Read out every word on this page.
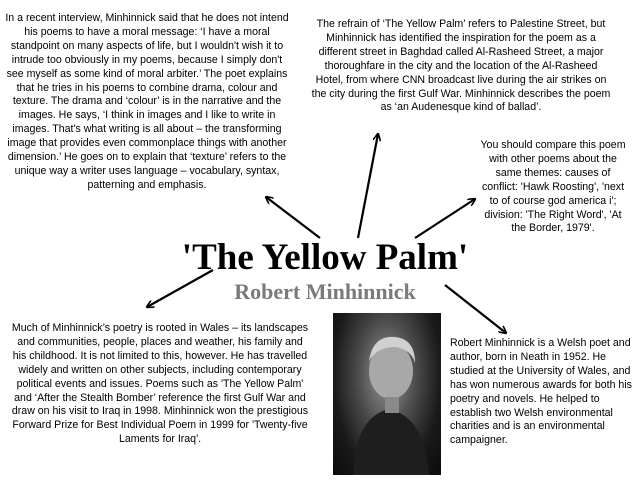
In a recent interview, Minhinnick said that he does not intend his poems to have a moral message: ‘I have a moral standpoint on many aspects of life, but I wouldn't wish it to intrude too obviously in my poems, because I simply don't see myself as some kind of moral arbiter.’ The poet explains that he tries in his poems to combine drama, colour and texture. The drama and ‘colour’ is in the narrative and the images. He says, ‘I think in images and I like to write in images. That's what writing is all about – the transforming image that provides even commonplace things with another dimension.’ He goes on to explain that ‘texture’ refers to the unique way a writer uses language – vocabulary, syntax, patterning and emphasis.

The refrain of ‘The Yellow Palm’ refers to Palestine Street, but Minhinnick has identified the inspiration for the poem as a different street in Baghdad called Al-Rasheed Street, a major thoroughfare in the city and the location of the Al-Rasheed Hotel, from where CNN broadcast live during the air strikes on the city during the first Gulf War. Minhinnick describes the poem as ‘an Audenesque kind of ballad’.

You should compare this poem with other poems about the same themes: causes of conflict: 'Hawk Roosting', 'next to of course god america i'; division: 'The Right Word', 'At the Border, 1979'.

'The Yellow Palm'
Robert Minhinnick

Much of Minhinnick’s poetry is rooted in Wales – its landscapes and communities, people, places and weather, his family and his childhood. It is not limited to this, however. He has travelled widely and written on other subjects, including contemporary political events and issues. Poems such as 'The Yellow Palm' and ‘After the Stealth Bomber’ reference the first Gulf War and draw on his visit to Iraq in 1998. Minhinnick won the prestigious Forward Prize for Best Individual Poem in 1999 for 'Twenty-five Laments for Iraq'.

Robert Minhinnick is a Welsh poet and author, born in Neath in 1952. He studied at the University of Wales, and has won numerous awards for both his poetry and novels. He helped to establish two Welsh environmental charities and is an environmental campaigner.
